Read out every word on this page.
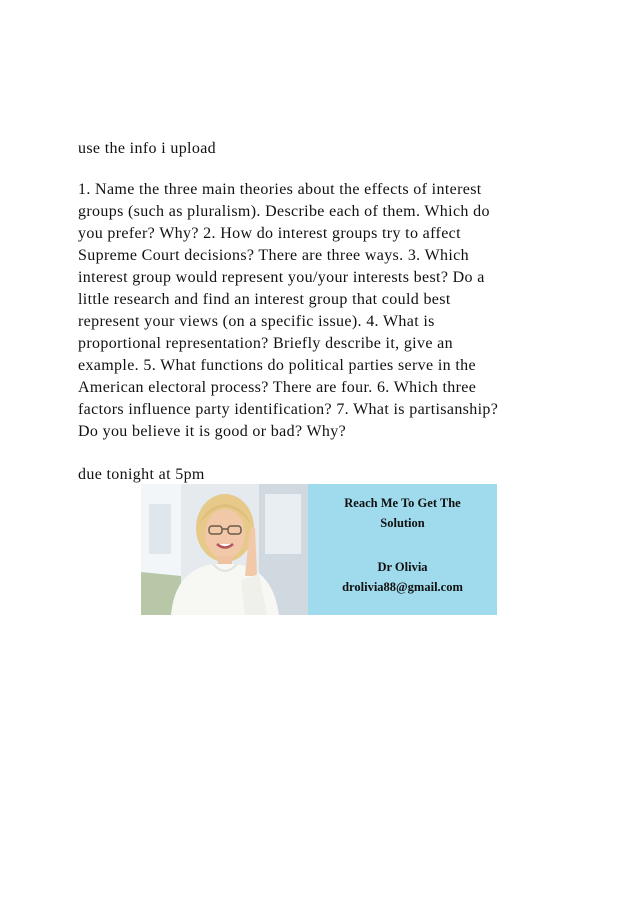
use the info i upload
1. Name the three main theories about the effects of interest
groups (such as pluralism). Describe each of them. Which do
you prefer? Why? 2. How do interest groups try to affect
Supreme Court decisions? There are three ways. 3. Which
interest group would represent you/your interests best? Do a
little research and find an interest group that could best
represent your views (on a specific issue). 4. What is
proportional representation? Briefly describe it, give an
example. 5. What functions do political parties serve in the
American electoral process? There are four. 6. Which three
factors influence party identification? 7. What is partisanship?
Do you believe it is good or bad? Why?
due tonight at 5pm
Reach Me To Get The
Solution
Dr Olivia
drolivia88@gmail.com
